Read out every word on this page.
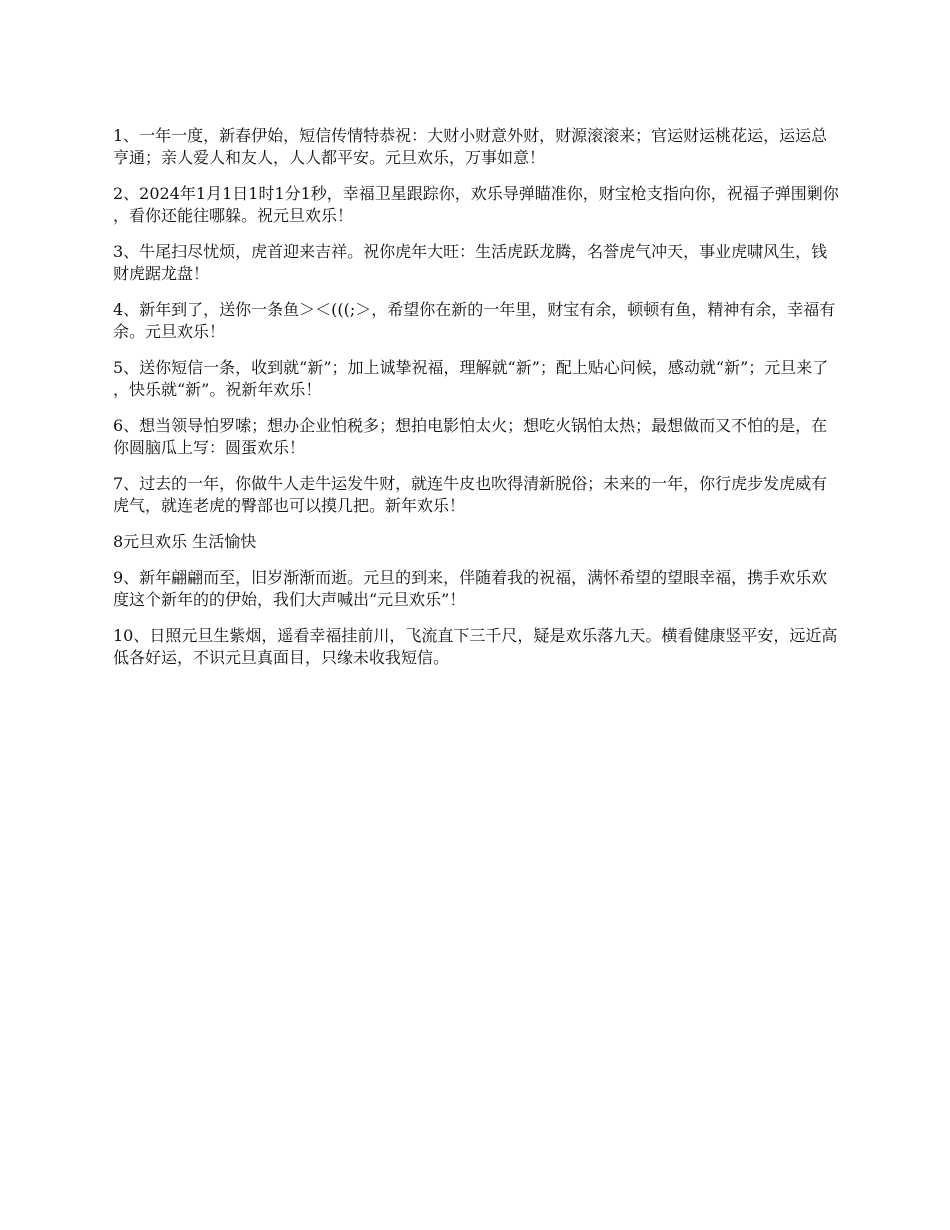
1、一年一度，新春伊始，短信传情特恭祝：大财小财意外财，财源滚滚来；官运财运桃花运，运运总亨通；亲人爱人和友人，人人都平安。元旦欢乐，万事如意！

2、2024年1月1日1时1分1秒，幸福卫星跟踪你，欢乐导弹瞄准你，财宝枪支指向你，祝福子弹围剿你，看你还能往哪躲。祝元旦欢乐！

3、牛尾扫尽忧烦，虎首迎来吉祥。祝你虎年大旺：生活虎跃龙腾，名誉虎气冲天，事业虎啸风生，钱财虎踞龙盘！

4、新年到了，送你一条鱼＞＜(((;＞，希望你在新的一年里，财宝有余，顿顿有鱼，精神有余，幸福有余。元旦欢乐！

5、送你短信一条，收到就“新”；加上诚挚祝福，理解就“新”；配上贴心问候，感动就“新”；元旦来了，快乐就“新”。祝新年欢乐！

6、想当领导怕罗嗦；想办企业怕税多；想拍电影怕太火；想吃火锅怕太热；最想做而又不怕的是，在你圆脑瓜上写：圆蛋欢乐！

7、过去的一年，你做牛人走牛运发牛财，就连牛皮也吹得清新脱俗；未来的一年，你行虎步发虎威有虎气，就连老虎的臀部也可以摸几把。新年欢乐！

8元旦欢乐 生活愉快

9、新年翩翩而至，旧岁渐渐而逝。元旦的到来，伴随着我的祝福，满怀希望的望眼幸福，携手欢乐欢度这个新年的的伊始，我们大声喊出“元旦欢乐”！

10、日照元旦生紫烟，遥看幸福挂前川，飞流直下三千尺，疑是欢乐落九天。横看健康竖平安，远近高低各好运，不识元旦真面目，只缘未收我短信。
